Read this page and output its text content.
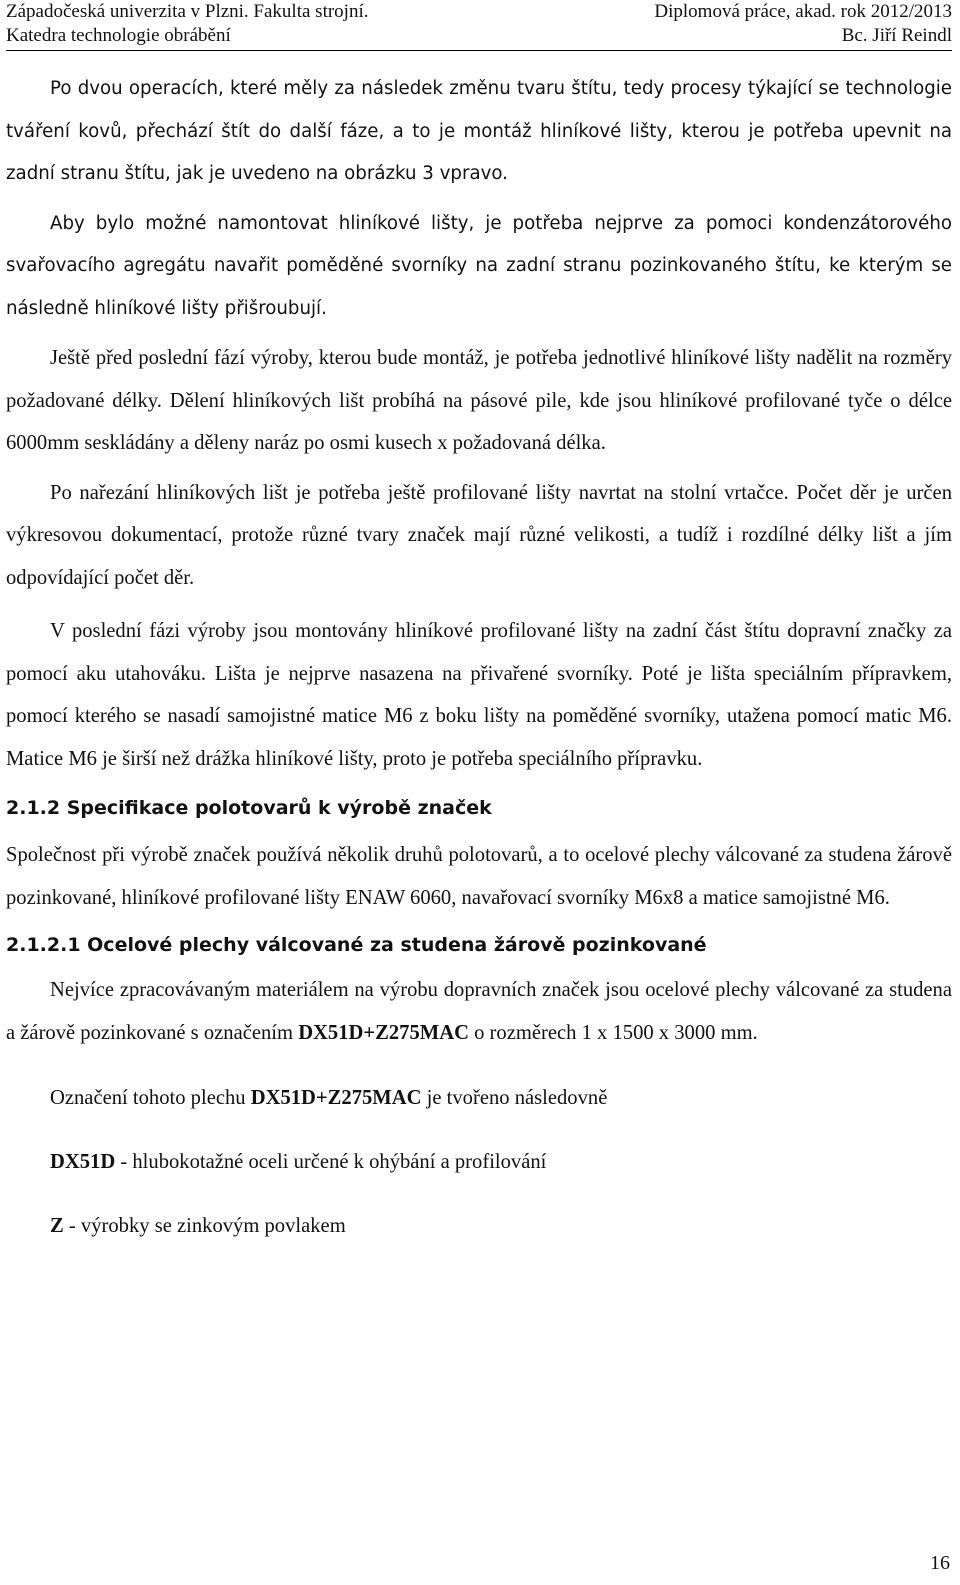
Západočeská univerzita v Plzni. Fakulta strojní.	Diplomová práce, akad. rok 2012/2013
Katedra technologie obrábění	Bc. Jiří Reindl

Po dvou operacích, které měly za následek změnu tvaru štítu, tedy procesy týkající se technologie tváření kovů, přechází štít do další fáze, a to je montáž hliníkové lišty, kterou je potřeba upevnit na zadní stranu štítu, jak je uvedeno na obrázku 3 vpravo.

Aby bylo možné namontovat hliníkové lišty, je potřeba nejprve za pomoci kondenzátorového svařovacího agregátu navařit poměděné svorníky na zadní stranu pozinkovaného štítu, ke kterým se následně hliníkové lišty přišroubují.

Ještě před poslední fází výroby, kterou bude montáž, je potřeba jednotlivé hliníkové lišty nadělit na rozměry požadované délky. Dělení hliníkových lišt probíhá na pásové pile, kde jsou hliníkové profilované tyče o délce 6000mm seskládány a děleny naráz po osmi kusech x požadovaná délka.

Po nařezání hliníkových lišt je potřeba ještě profilované lišty navrtat na stolní vrtačce. Počet děr je určen výkresovou dokumentací, protože různé tvary značek mají různé velikosti, a tudíž i rozdílné délky lišt a jím odpovídající počet děr.

V poslední fázi výroby jsou montovány hliníkové profilované lišty na zadní část štítu dopravní značky za pomocí aku utahováku. Lišta je nejprve nasazena na přivařené svorníky. Poté je lišta speciálním přípravkem, pomocí kterého se nasadí samojistné matice M6 z boku lišty na poměděné svorníky, utažena pomocí matic M6. Matice M6 je širší než drážka hliníkové lišty, proto je potřeba speciálního přípravku.

2.1.2 Specifikace polotovarů k výrobě značek

Společnost při výrobě značek používá několik druhů polotovarů, a to ocelové plechy válcované za studena žárově pozinkované, hliníkové profilované lišty ENAW 6060, navařovací svorníky M6x8 a matice samojistné M6.

2.1.2.1 Ocelové plechy válcované za studena žárově pozinkované

Nejvíce zpracovávaným materiálem na výrobu dopravních značek jsou ocelové plechy válcované za studena a žárově pozinkované s označením DX51D+Z275MAC o rozměrech 1 x 1500 x 3000 mm.

Označení tohoto plechu DX51D+Z275MAC je tvořeno následovně

DX51D - hlubokotažné oceli určené k ohýbání a profilování

Z - výrobky se zinkovým povlakem

16
